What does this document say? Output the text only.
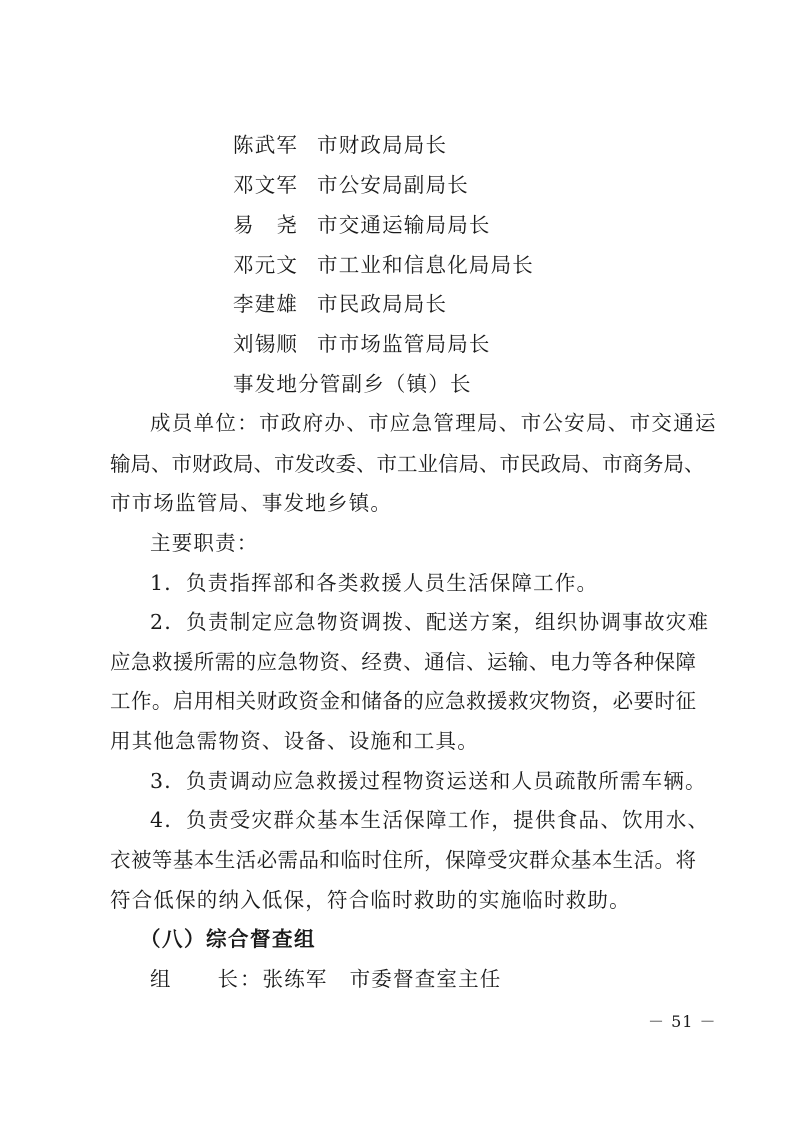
陈武军 市财政局局长
邓文军 市公安局副局长
易　尧 市交通运输局局长
邓元文 市工业和信息化局局长
李建雄 市民政局局长
刘锡顺 市市场监管局局长
事发地分管副乡（镇）长
成员单位：市政府办、市应急管理局、市公安局、市交通运
输局、市财政局、市发改委、市工业信局、市民政局、市商务局、
市市场监管局、事发地乡镇。
主要职责：
1．负责指挥部和各类救援人员生活保障工作。
2．负责制定应急物资调拨、配送方案，组织协调事故灾难
应急救援所需的应急物资、经费、通信、运输、电力等各种保障
工作。启用相关财政资金和储备的应急救援救灾物资，必要时征
用其他急需物资、设备、设施和工具。
3．负责调动应急救援过程物资运送和人员疏散所需车辆。
4．负责受灾群众基本生活保障工作，提供食品、饮用水、
衣被等基本生活必需品和临时住所，保障受灾群众基本生活。将
符合低保的纳入低保，符合临时救助的实施临时救助。
（八）综合督查组
组　　长：张练军 市委督查室主任
－ 51 －
